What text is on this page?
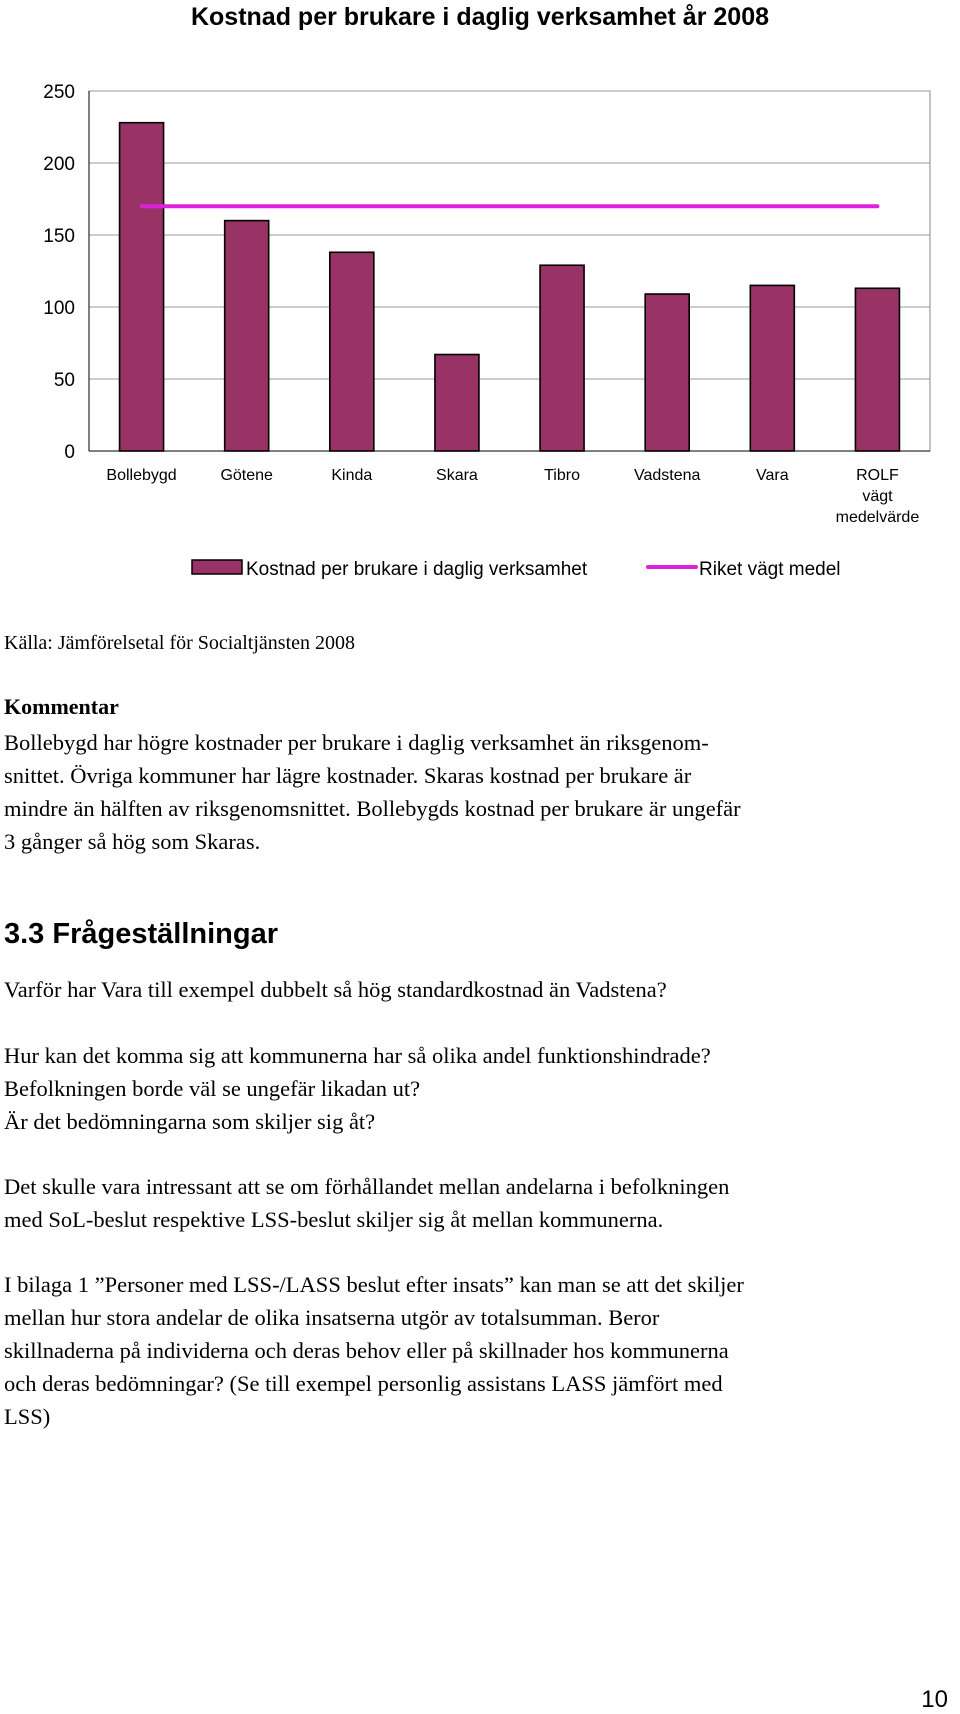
Kostnad per brukare i daglig verksamhet år 2008
0
50
100
150
200
250
Bollebygd	Götene	Kinda	Skara	Tibro	Vadstena	Vara	ROLF vägt medelvärde
Kostnad per brukare i daglig verksamhet	Riket vägt medel
Källa: Jämförelsetal för Socialtjänsten 2008
Kommentar

Bollebygd har högre kostnader per brukare i daglig verksamhet än riksgenom-
snittet. Övriga kommuner har lägre kostnader. Skaras kostnad per brukare är
mindre än hälften av riksgenomsnittet. Bollebygds kostnad per brukare är ungefär
3 gånger så hög som Skaras.

3.3 Frågeställningar

Varför har Vara till exempel dubbelt så hög standardkostnad än Vadstena?

Hur kan det komma sig att kommunerna har så olika andel funktionshindrade?
Befolkningen borde väl se ungefär likadan ut?
Är det bedömningarna som skiljer sig åt?

Det skulle vara intressant att se om förhållandet mellan andelarna i befolkningen
med SoL-beslut respektive LSS-beslut skiljer sig åt mellan kommunerna.

I bilaga 1 ”Personer med LSS-/LASS beslut efter insats” kan man se att det skiljer
mellan hur stora andelar de olika insatserna utgör av totalsumman. Beror
skillnaderna på individerna och deras behov eller på skillnader hos kommunerna
och deras bedömningar? (Se till exempel personlig assistans LASS jämfört med
LSS)

10
